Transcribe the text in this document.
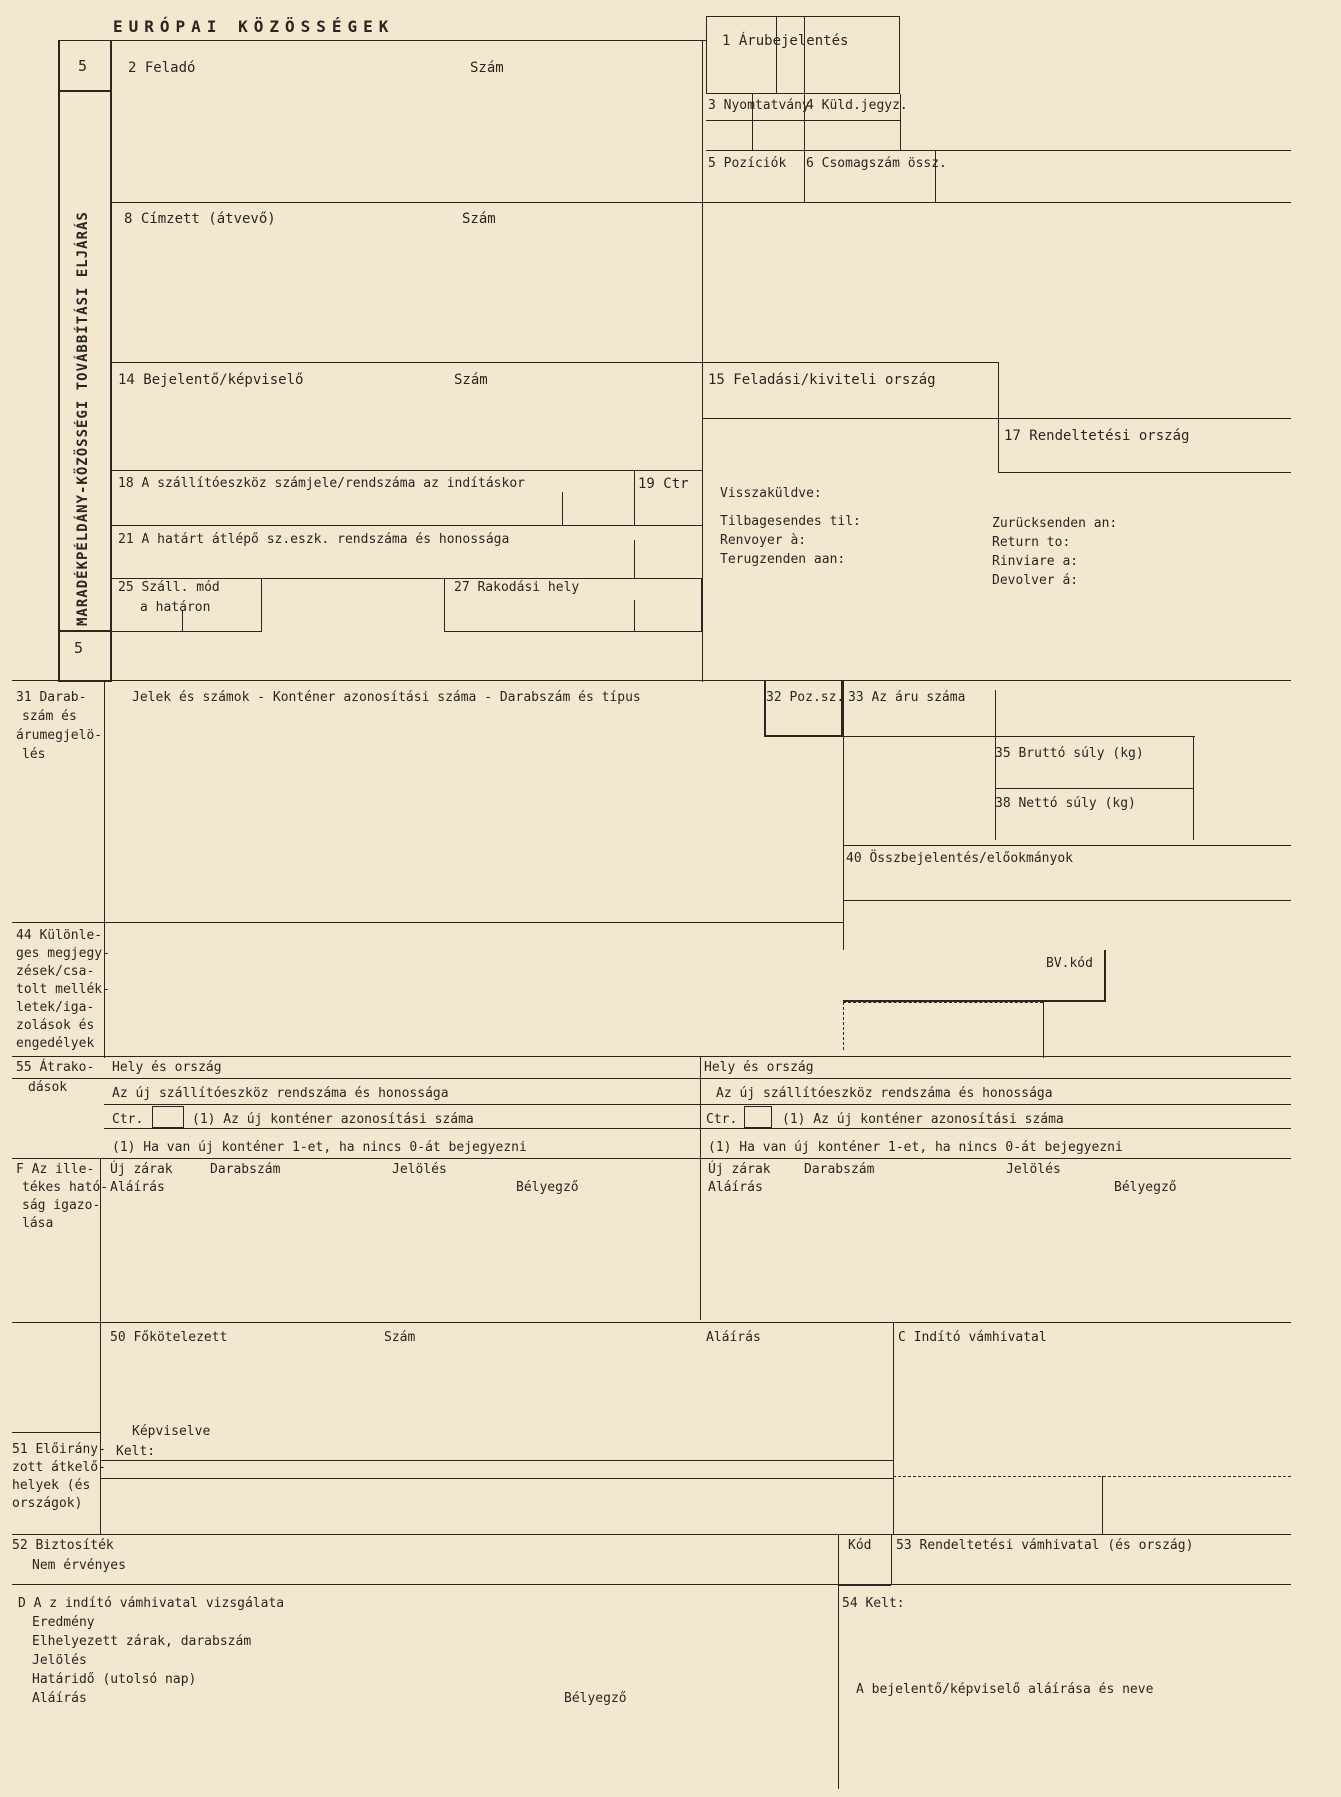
EURÓPAI KÖZÖSSÉGEK
5
5
MARADÉKPÉLDÁNY-KÖZÖSSÉGI TOVÁBBÍTÁSI ELJÁRÁS
1 Árubejelentés
2 Feladó	Szám
3 Nyomtatvány
4 Küld.jegyz.
5 Pozíciók 6 Csomagszám össz.
8 Címzett (átvevő)	Szám
14 Bejelentő/képviselő	Szám	15 Feladási/kiviteli ország
17 Rendeltetési ország
18 A szállítóeszköz számjele/rendszáma az indításkor	19 Ctr
21 A határt átlépő sz.eszk. rendszáma és honossága
25 Száll. mód
a határon
27 Rakodási hely
Visszaküldve:
Tilbagesendes til:
Renvoyer à:
Terugzenden aan:
Zurücksenden an:
Return to:
Rinviare a:
Devolver á:
31 Darab-
szám és
árumegjelö-
lés
Jelek és számok - Konténer azonosítási száma - Darabszám és típus	32 Poz.sz. 33 Az áru száma
35 Bruttó súly (kg)
38 Nettó súly (kg)
40 Összbejelentés/előokmányok
44 Különle-
ges megjegy-
zések/csa-
tolt mellék-
letek/iga-
zolások és
engedélyek
BV.kód
55 Átrako-
dások
Hely és ország	Hely és ország
Az új szállítóeszköz rendszáma és honossága	Az új szállítóeszköz rendszáma és honossága
Ctr.	(1) Az új konténer azonosítási száma	Ctr.	(1) Az új konténer azonosítási száma
(1) Ha van új konténer 1-et, ha nincs 0-át bejegyezni	(1) Ha van új konténer 1-et, ha nincs 0-át bejegyezni
F Az ille-
tékes ható-
ság igazo-
lása
Új zárak	Darabszám	Jelölés
Aláírás	Bélyegző
Új zárak	Darabszám	Jelölés
Aláírás	Bélyegző
50 Főkötelezett	Szám	Aláírás	C Indító vámhivatal
Képviselve
Kelt:
51 Előirány-
zott átkelő-
helyek (és
országok)
52 Biztosíték
Nem érvényes
Kód 53 Rendeltetési vámhivatal (és ország)
D A z indító vámhivatal vizsgálata
Eredmény
Elhelyezett zárak, darabszám
Jelölés
Határidő (utolsó nap)
Aláírás	Bélyegző
54 Kelt:
A bejelentő/képviselő aláírása és neve
